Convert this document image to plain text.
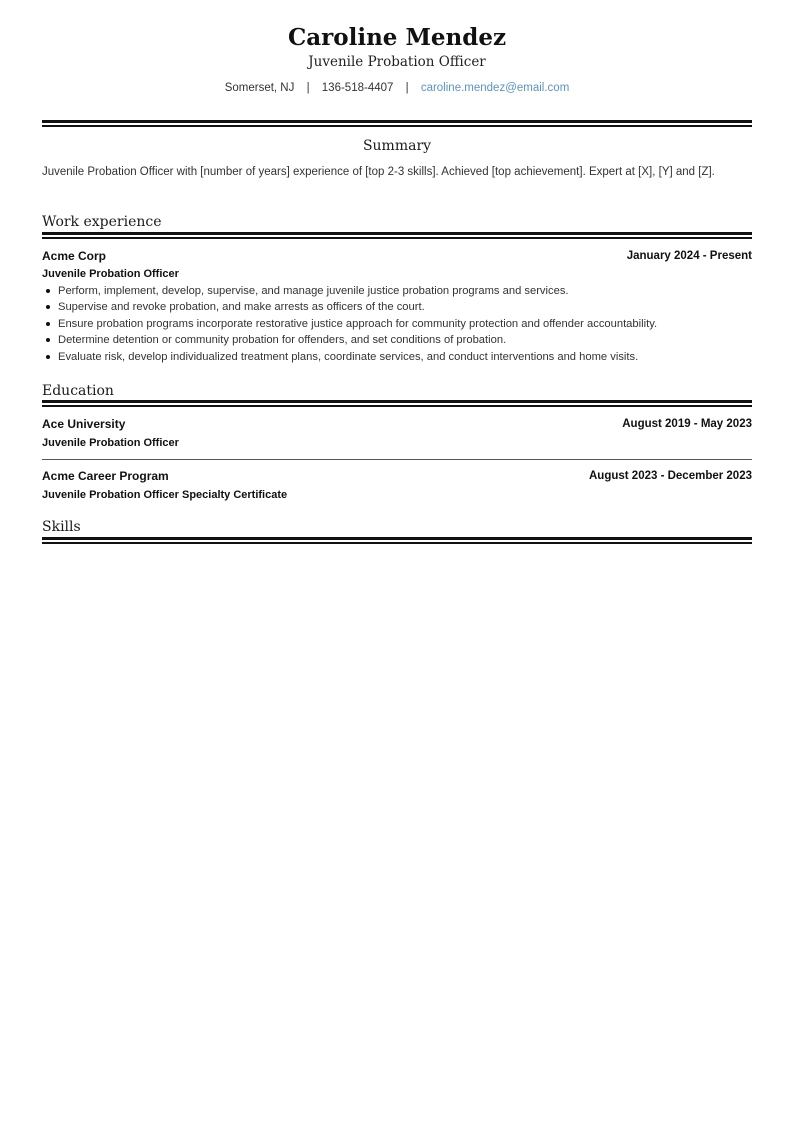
Caroline Mendez
Juvenile Probation Officer
Somerset, NJ | 136-518-4407 | caroline.mendez@email.com
Summary
Juvenile Probation Officer with [number of years] experience of [top 2-3 skills]. Achieved [top achievement]. Expert at [X], [Y] and [Z].
Work experience
Acme Corp	January 2024 - Present
Juvenile Probation Officer
Perform, implement, develop, supervise, and manage juvenile justice probation programs and services.
Supervise and revoke probation, and make arrests as officers of the court.
Ensure probation programs incorporate restorative justice approach for community protection and offender accountability.
Determine detention or community probation for offenders, and set conditions of probation.
Evaluate risk, develop individualized treatment plans, coordinate services, and conduct interventions and home visits.
Education
Ace University	August 2019 - May 2023
Juvenile Probation Officer
Acme Career Program	August 2023 - December 2023
Juvenile Probation Officer Specialty Certificate
Skills
